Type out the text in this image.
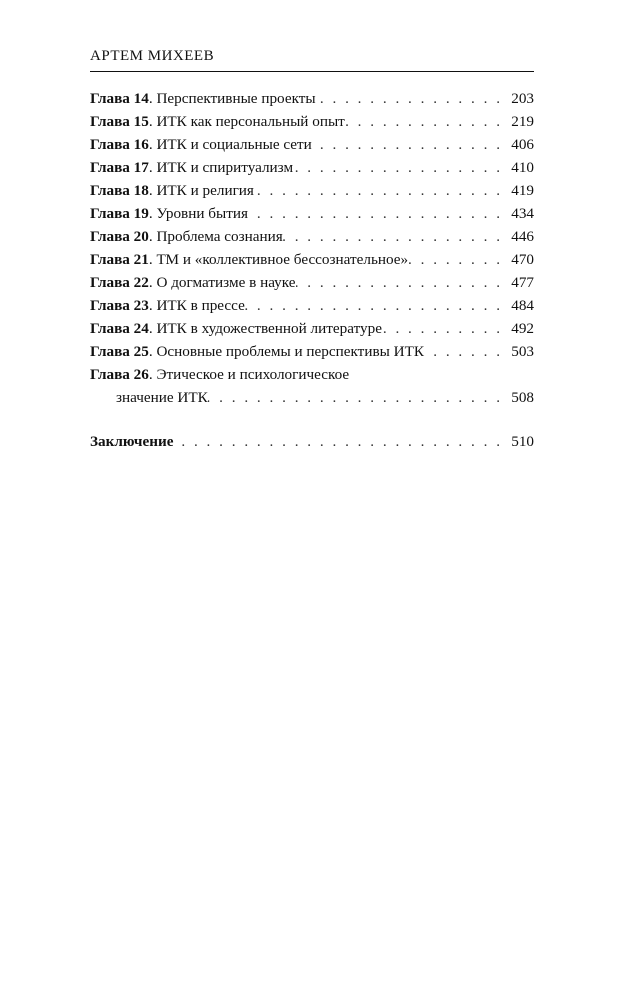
АРТЕМ МИХЕЕВ
Глава 14. Перспективные проекты . . .	203
Глава 15. ИТК как персональный опыт . . .	219
Глава 16. ИТК и социальные сети . . .	406
Глава 17. ИТК и спиритуализм . . .	410
Глава 18. ИТК и религия . . .	419
Глава 19. Уровни бытия . . .	434
Глава 20. Проблема сознания . . .	446
Глава 21. ТМ и «коллективное бессознательное» . . .	470
Глава 22. О догматизме в науке . . .	477
Глава 23. ИТК в прессе . . .	484
Глава 24. ИТК в художественной литературе . . .	492
Глава 25. Основные проблемы и перспективы ИТК . . .	503
Глава 26. Этическое и психологическое
значение ИТК . . .	508
Заключение . . .	510
